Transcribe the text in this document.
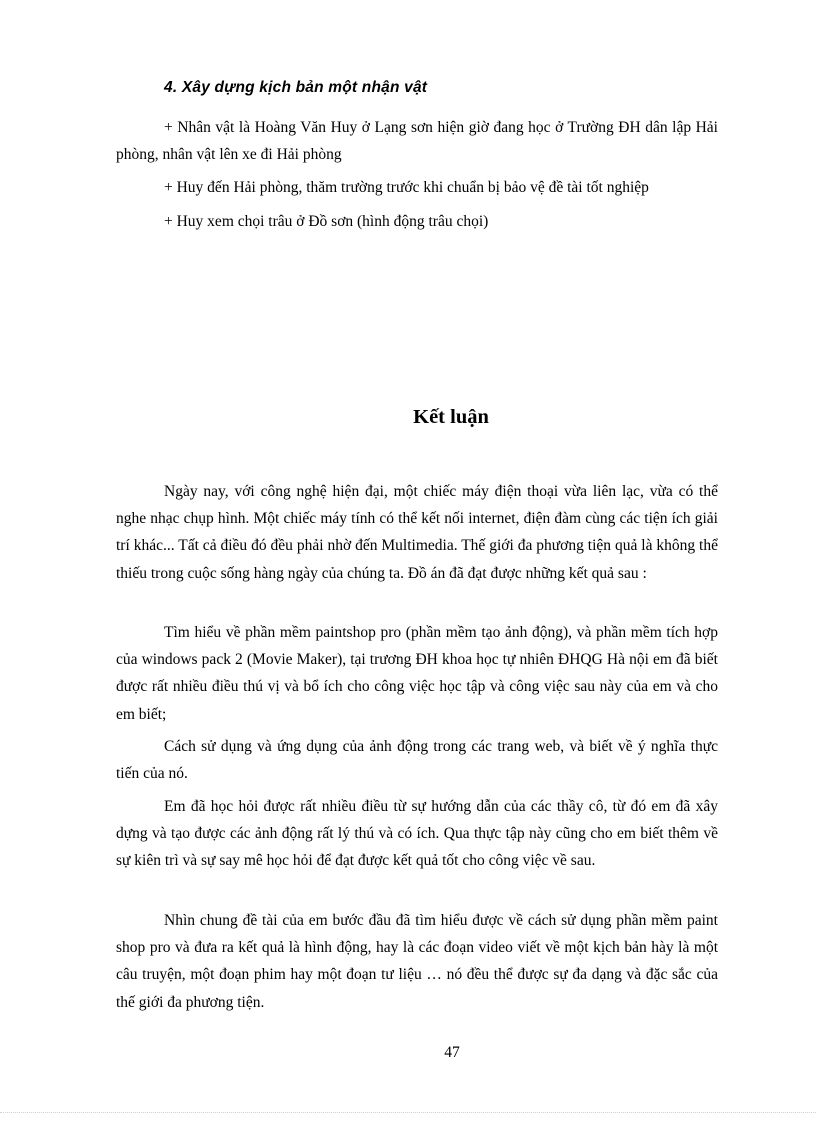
4. Xây dựng kịch bản một nhận vật

+ Nhân vật là Hoàng Văn Huy ở Lạng sơn hiện giờ đang học ở Trường ĐH dân lập Hải phòng, nhân vật lên xe đi Hải phòng

+ Huy đến Hải phòng, thăm trường trước khi chuẩn bị bảo vệ đề tài tốt nghiệp

+ Huy xem chọi trâu ở Đồ sơn (hình động trâu chọi)

Kết luận

Ngày nay, với công nghệ hiện đại, một chiếc máy điện thoại vừa liên lạc, vừa có thể nghe nhạc chụp hình. Một chiếc máy tính có thể kết nối internet, điện đàm cùng các tiện ích giải trí khác... Tất cả điều đó đều phải nhờ đến Multimedia. Thế giới đa phương tiện quả là không thể thiếu trong cuộc sống hàng ngày của chúng ta. Đồ án đã đạt được những kết quả sau :

Tìm hiểu về phần mềm paintshop pro (phần mềm tạo ảnh động), và phần mềm tích hợp của windows pack 2 (Movie Maker), tại trương ĐH khoa học tự nhiên ĐHQG Hà nội em đã biết được rất nhiều điều thú vị và bổ ích cho công việc học tập và công việc sau này của em và cho em biết;

Cách sử dụng và ứng dụng của ảnh động trong các trang web, và biết về ý nghĩa thực tiến của nó.

Em đã học hỏi được rất nhiều điều từ sự hướng dẫn của các thầy cô, từ đó em đã xây dựng và tạo được các ảnh động rất lý thú và có ích. Qua thực tập này cũng cho em biết thêm về sự kiên trì và sự say mê học hỏi để đạt được kết quả tốt cho công việc về sau.

Nhìn chung đề tài của em bước đầu đã tìm hiểu được về cách sử dụng phần mềm paint shop pro và đưa ra kết quả là hình động, hay là các đoạn video viết về một kịch bản hày là một câu truyện, một đoạn phim hay một đoạn tư liệu … nó đều thể được sự đa dạng và đặc sắc của thế giới đa phương tiện.

47
